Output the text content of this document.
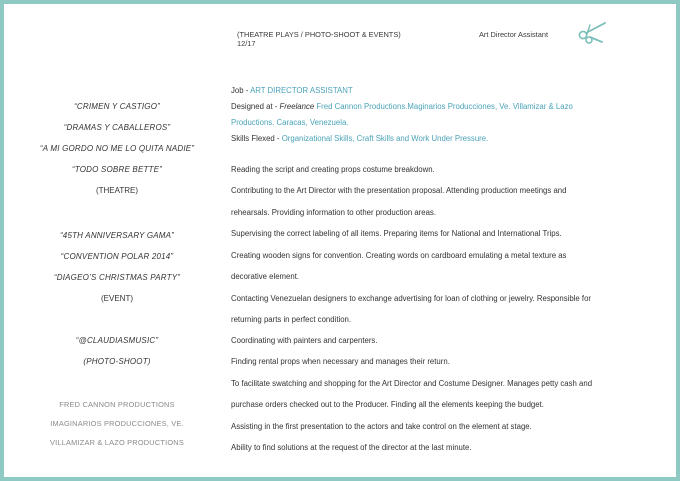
(THEATRE PLAYS / PHOTO-SHOOT & EVENTS)
12/17
Art Director Assistant
“CRIMEN Y CASTIGO”
“DRAMAS Y CABALLEROS”
“A MI GORDO NO ME LO QUITA NADIE”
“TODO SOBRE BETTE”
(THEATRE)
“45TH ANNIVERSARY GAMA”
“CONVENTION POLAR 2014”
“DIAGEO’S CHRISTMAS PARTY”
(EVENT)
“@CLAUDIASMUSIC”
(PHOTO-SHOOT)
FRED CANNON PRODUCTIONS
IMAGINARIOS PRODUCCIONES, VE.
VILLAMIZAR & LAZO PRODUCTIONS
Job - ART DIRECTOR ASSISTANT
Designed at - Freelance Fred Cannon Productions.Maginarios Producciones, Ve. Villamizar & Lazo
Productions. Caracas, Venezuela.
Skills Flexed - Organizational Skills, Craft Skills and Work Under Pressure.
Reading the script and creating props costume breakdown.
Contributing to the Art Director with the presentation proposal. Attending production meetings and
rehearsals. Providing information to other production areas.
Supervising the correct labeling of all items. Preparing items for National and International Trips.
Creating wooden signs for convention. Creating words on cardboard emulating a metal texture as
decorative element.
Contacting Venezuelan designers to exchange advertising for loan of clothing or jewelry. Responsible for
returning parts in perfect condition.
Coordinating with painters and carpenters.
Finding rental props when necessary and manages their return.
To facilitate swatching and shopping for the Art Director and Costume Designer. Manages petty cash and
purchase orders checked out to the Producer. Finding all the elements keeping the budget.
Assisting in the first presentation to the actors and take control on the element at stage.
Ability to find solutions at the request of the director at the last minute.
